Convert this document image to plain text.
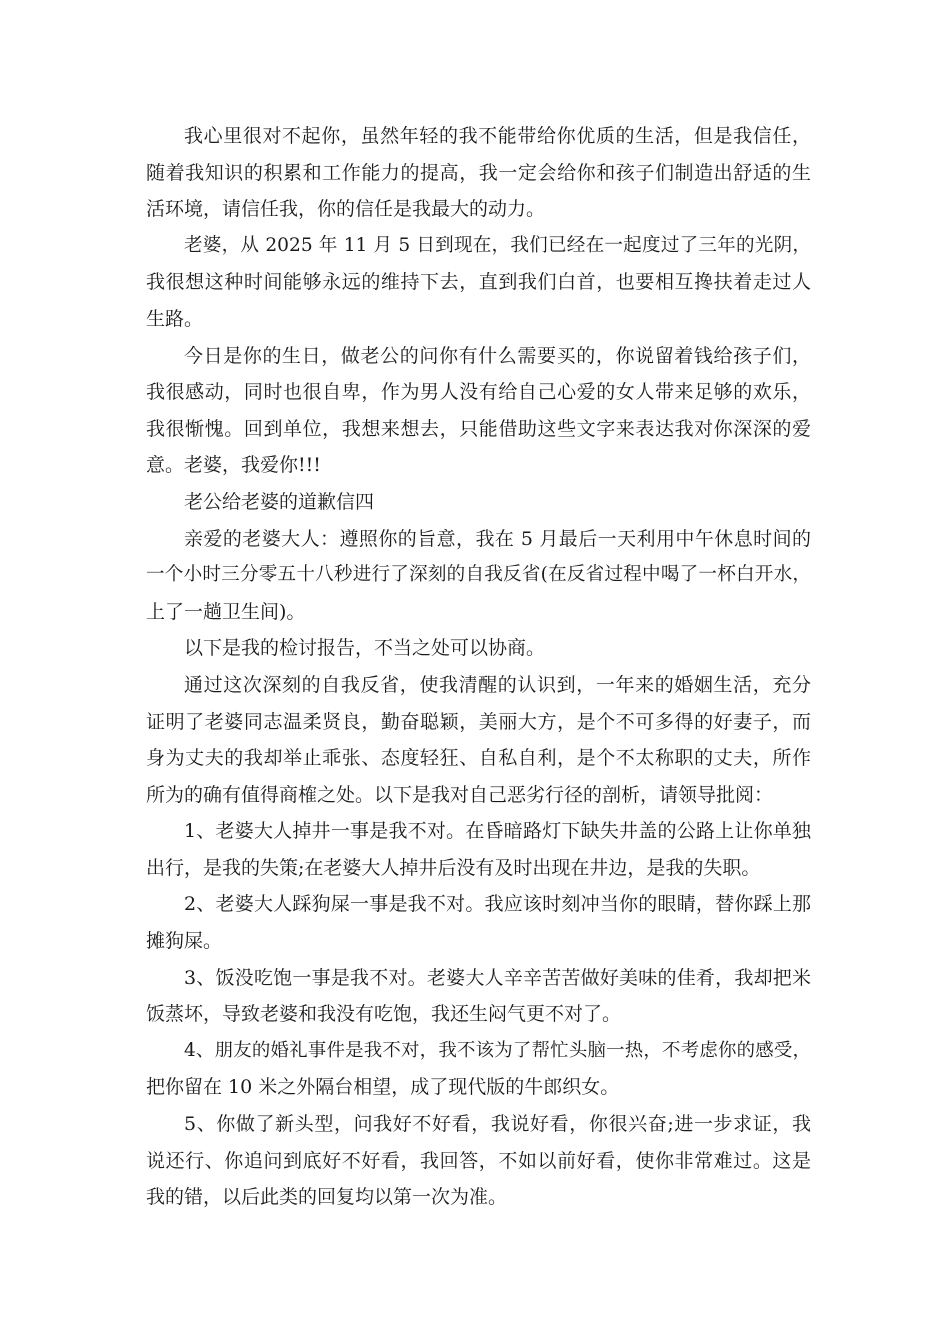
我心里很对不起你，虽然年轻的我不能带给你优质的生活，但是我信任，
随着我知识的积累和工作能力的提高，我一定会给你和孩子们制造出舒适的生
活环境，请信任我，你的信任是我最大的动力。
老婆，从 2025 年 11 月 5 日到现在，我们已经在一起度过了三年的光阴，
我很想这种时间能够永远的维持下去，直到我们白首，也要相互搀扶着走过人
生路。
今日是你的生日，做老公的问你有什么需要买的，你说留着钱给孩子们，
我很感动，同时也很自卑，作为男人没有给自己心爱的女人带来足够的欢乐，
我很惭愧。回到单位，我想来想去，只能借助这些文字来表达我对你深深的爱
意。老婆，我爱你!!!
老公给老婆的道歉信四
亲爱的老婆大人：遵照你的旨意，我在 5 月最后一天利用中午休息时间的
一个小时三分零五十八秒进行了深刻的自我反省(在反省过程中喝了一杯白开水，
上了一趟卫生间)。
以下是我的检讨报告，不当之处可以协商。
通过这次深刻的自我反省，使我清醒的认识到，一年来的婚姻生活，充分
证明了老婆同志温柔贤良，勤奋聪颖，美丽大方，是个不可多得的好妻子，而
身为丈夫的我却举止乖张、态度轻狂、自私自利，是个不太称职的丈夫，所作
所为的确有值得商榷之处。以下是我对自己恶劣行径的剖析，请领导批阅：
1、老婆大人掉井一事是我不对。在昏暗路灯下缺失井盖的公路上让你单独
出行，是我的失策;在老婆大人掉井后没有及时出现在井边，是我的失职。
2、老婆大人踩狗屎一事是我不对。我应该时刻冲当你的眼睛，替你踩上那
摊狗屎。
3、饭没吃饱一事是我不对。老婆大人辛辛苦苦做好美味的佳肴，我却把米
饭蒸坏，导致老婆和我没有吃饱，我还生闷气更不对了。
4、朋友的婚礼事件是我不对，我不该为了帮忙头脑一热，不考虑你的感受，
把你留在 10 米之外隔台相望，成了现代版的牛郎织女。
5、你做了新头型，问我好不好看，我说好看，你很兴奋;进一步求证，我
说还行、你追问到底好不好看，我回答，不如以前好看，使你非常难过。这是
我的错，以后此类的回复均以第一次为准。
